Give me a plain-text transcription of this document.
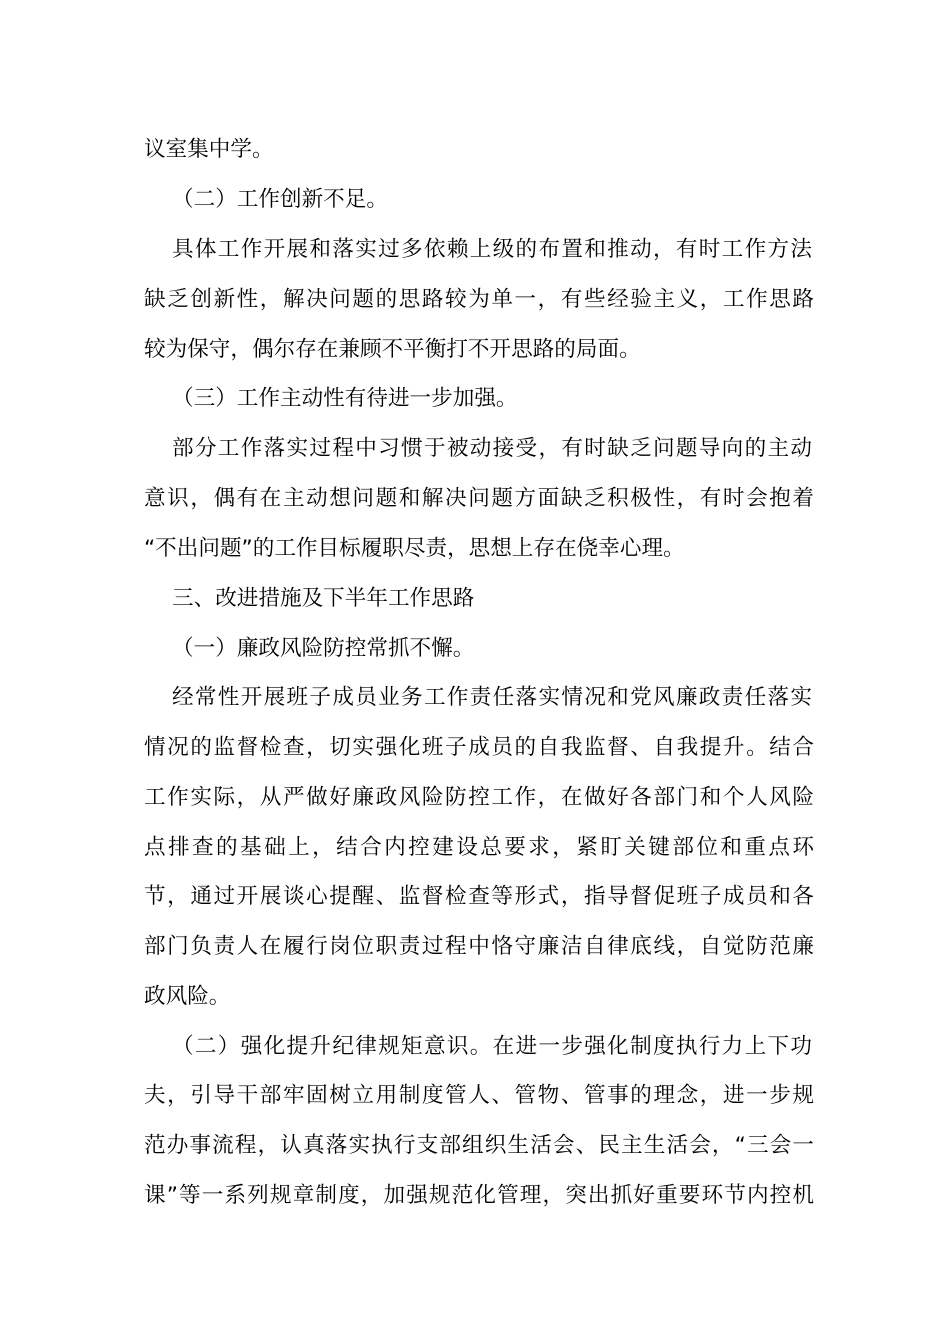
议室集中学。
（二）工作创新不足。
具体工作开展和落实过多依赖上级的布置和推动，有时工作方法
缺乏创新性，解决问题的思路较为单一，有些经验主义，工作思路
较为保守，偶尔存在兼顾不平衡打不开思路的局面。
（三）工作主动性有待进一步加强。
部分工作落实过程中习惯于被动接受，有时缺乏问题导向的主动
意识，偶有在主动想问题和解决问题方面缺乏积极性，有时会抱着
“不出问题”的工作目标履职尽责，思想上存在侥幸心理。
三、改进措施及下半年工作思路
（一）廉政风险防控常抓不懈。
经常性开展班子成员业务工作责任落实情况和党风廉政责任落实
情况的监督检查，切实强化班子成员的自我监督、自我提升。结合
工作实际，从严做好廉政风险防控工作，在做好各部门和个人风险
点排查的基础上，结合内控建设总要求，紧盯关键部位和重点环
节，通过开展谈心提醒、监督检查等形式，指导督促班子成员和各
部门负责人在履行岗位职责过程中恪守廉洁自律底线，自觉防范廉
政风险。
（二）强化提升纪律规矩意识。在进一步强化制度执行力上下功
夫，引导干部牢固树立用制度管人、管物、管事的理念，进一步规
范办事流程，认真落实执行支部组织生活会、民主生活会，“三会一
课”等一系列规章制度，加强规范化管理，突出抓好重要环节内控机
